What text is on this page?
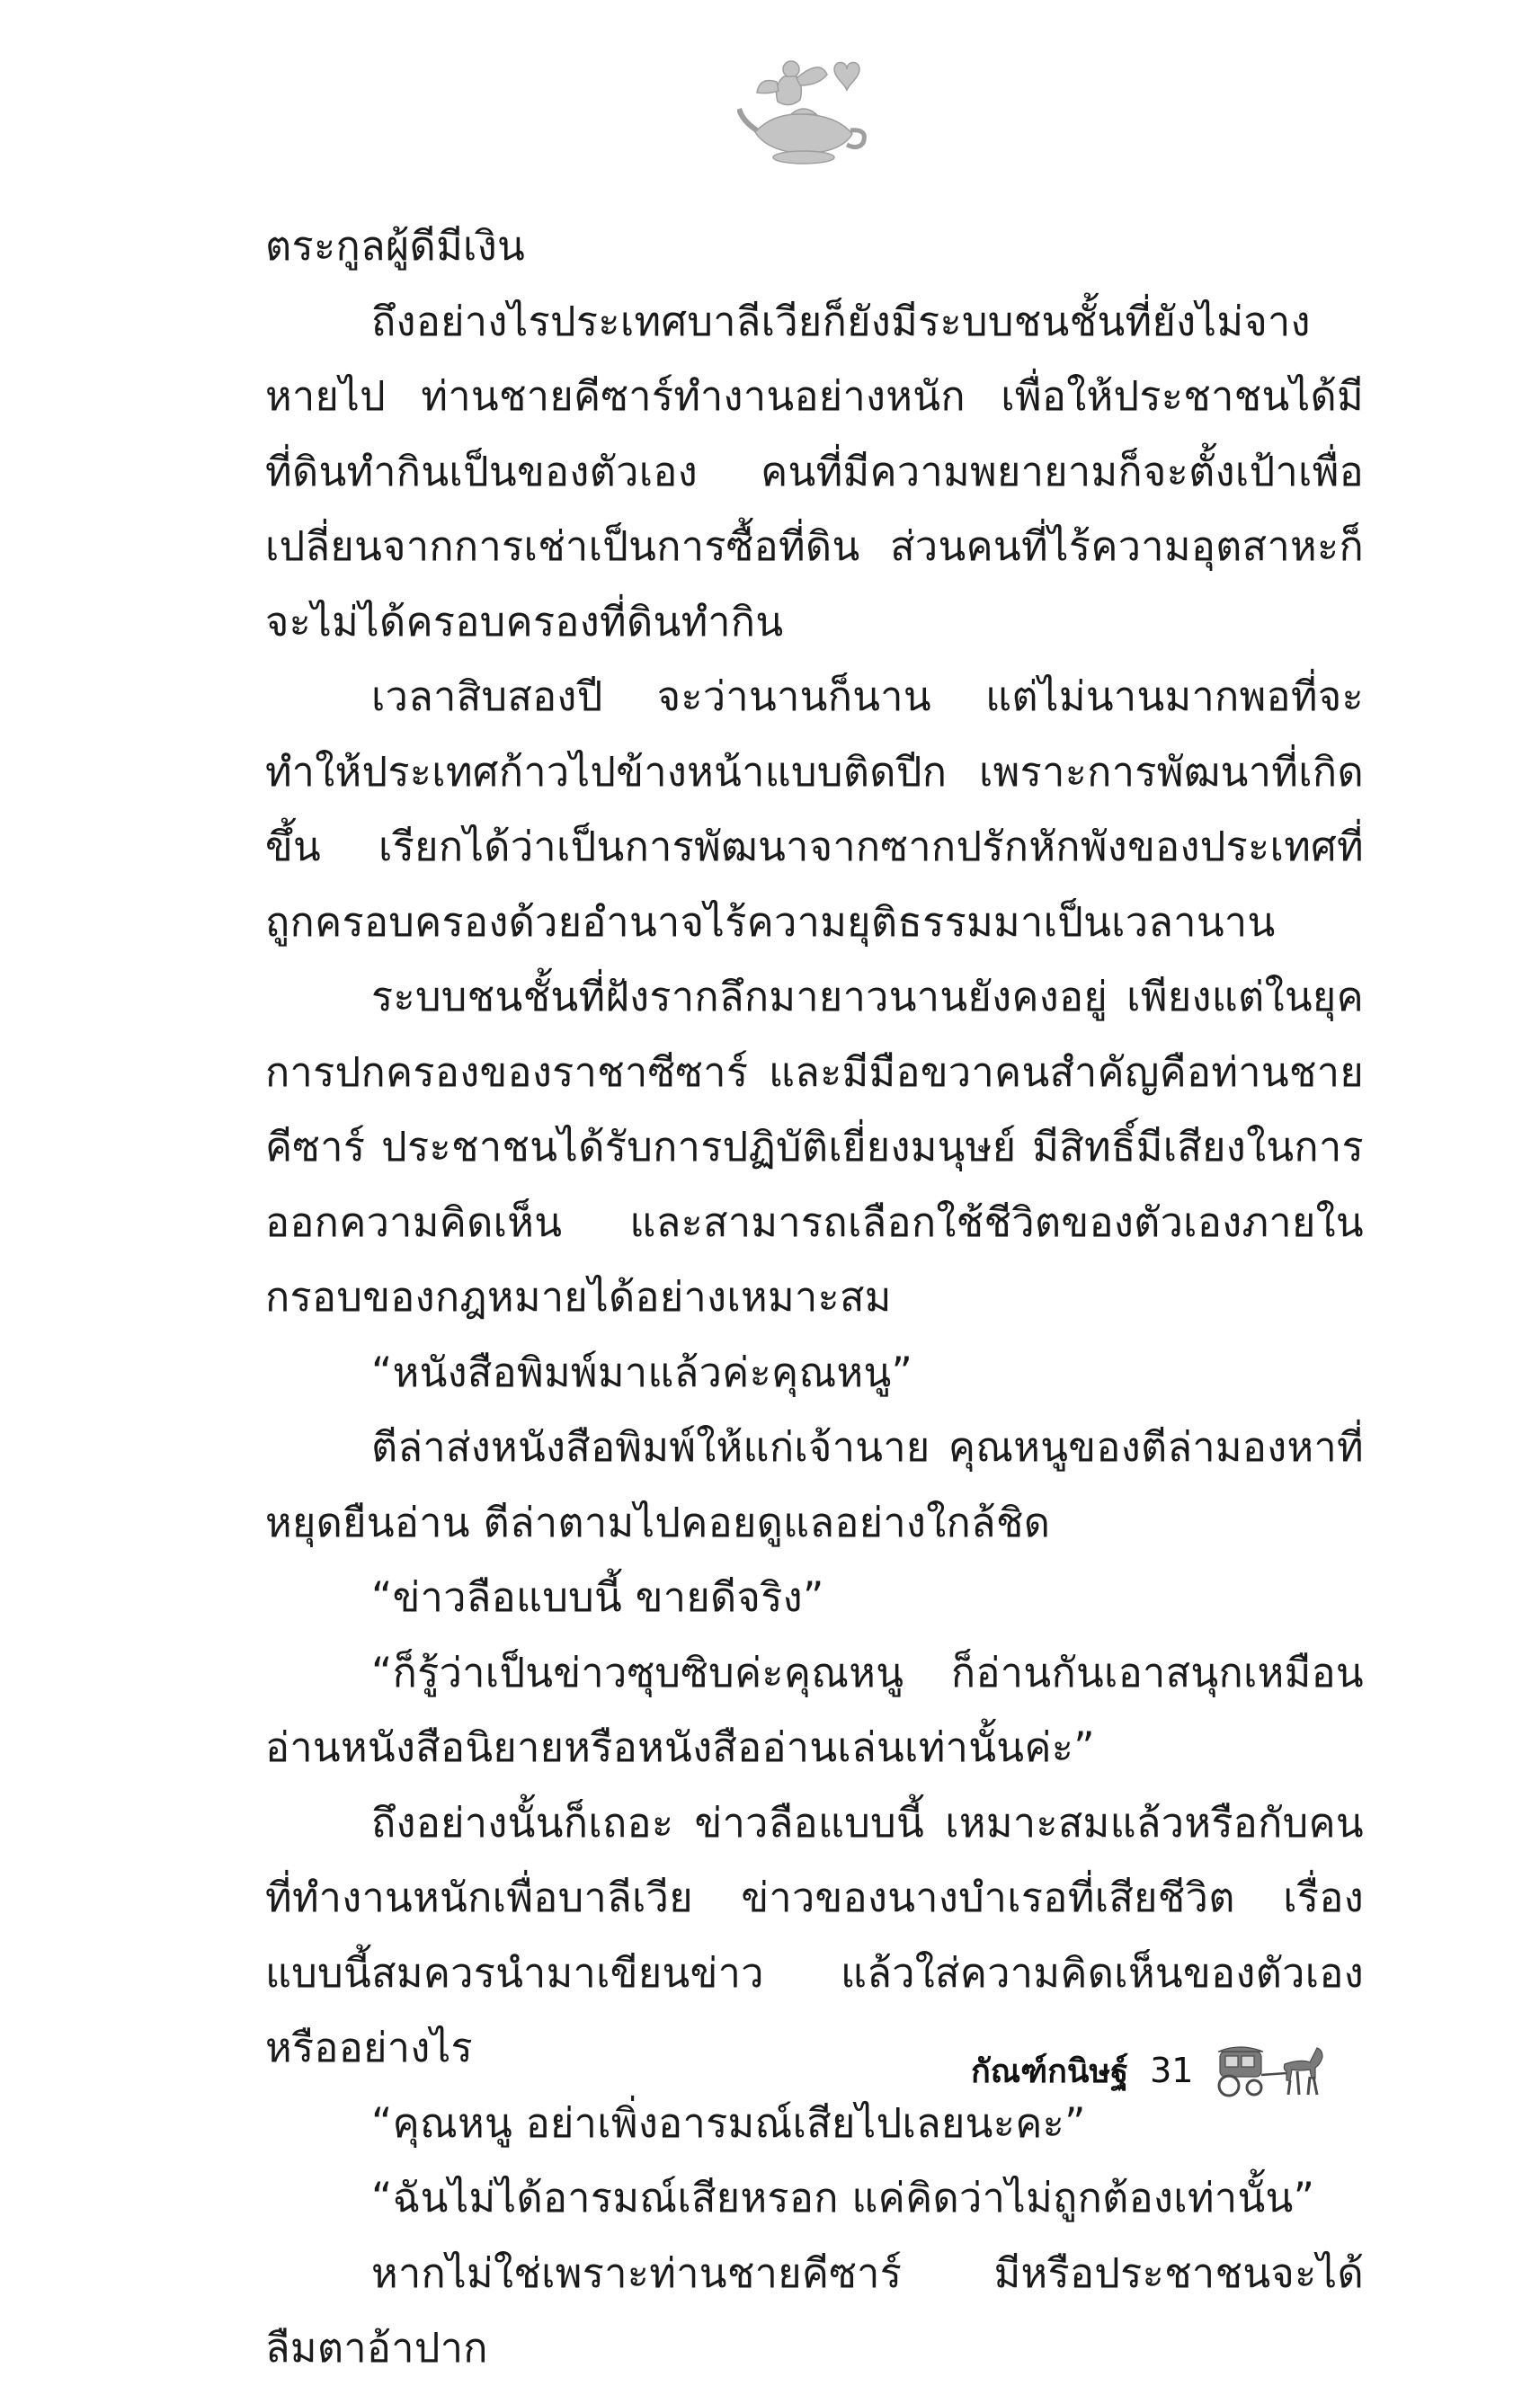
ตระกูลผู้ดีมีเงิน

ถึงอย่างไรประเทศบาลีเวียก็ยังมีระบบชนชั้นที่ยังไม่จางหายไป ท่านชายคีซาร์ทำงานอย่างหนัก เพื่อให้ประชาชนได้มีที่ดินทำกินเป็นของตัวเอง คนที่มีความพยายามก็จะตั้งเป้าเพื่อเปลี่ยนจากการเช่าเป็นการซื้อที่ดิน ส่วนคนที่ไร้ความอุตสาหะก็จะไม่ได้ครอบครองที่ดินทำกิน

เวลาสิบสองปี จะว่านานก็นาน แต่ไม่นานมากพอที่จะทำให้ประเทศก้าวไปข้างหน้าแบบติดปีก เพราะการพัฒนาที่เกิดขึ้น เรียกได้ว่าเป็นการพัฒนาจากซากปรักหักพังของประเทศที่ถูกครอบครองด้วยอำนาจไร้ความยุติธรรมมาเป็นเวลานาน

ระบบชนชั้นที่ฝังรากลึกมายาวนานยังคงอยู่ เพียงแต่ในยุคการปกครองของราชาซีซาร์ และมีมือขวาคนสำคัญคือท่านชายคีซาร์ ประชาชนได้รับการปฏิบัติเยี่ยงมนุษย์ มีสิทธิ์มีเสียงในการออกความคิดเห็น และสามารถเลือกใช้ชีวิตของตัวเองภายในกรอบของกฎหมายได้อย่างเหมาะสม

“หนังสือพิมพ์มาแล้วค่ะคุณหนู”

ตีล่าส่งหนังสือพิมพ์ให้แก่เจ้านาย คุณหนูของตีล่ามองหาที่หยุดยืนอ่าน ตีล่าตามไปคอยดูแลอย่างใกล้ชิด

“ข่าวลือแบบนี้ ขายดีจริง”

“ก็รู้ว่าเป็นข่าวซุบซิบค่ะคุณหนู ก็อ่านกันเอาสนุกเหมือนอ่านหนังสือนิยายหรือหนังสืออ่านเล่นเท่านั้นค่ะ”

ถึงอย่างนั้นก็เถอะ ข่าวลือแบบนี้ เหมาะสมแล้วหรือกับคนที่ทำงานหนักเพื่อบาลีเวีย ข่าวของนางบำเรอที่เสียชีวิต เรื่องแบบนี้สมควรนำมาเขียนข่าว แล้วใส่ความคิดเห็นของตัวเองหรืออย่างไร

“คุณหนู อย่าเพิ่งอารมณ์เสียไปเลยนะคะ”

“ฉันไม่ได้อารมณ์เสียหรอก แค่คิดว่าไม่ถูกต้องเท่านั้น”

หากไม่ใช่เพราะท่านชายคีซาร์ มีหรือประชาชนจะได้ลืมตาอ้าปาก

กัณฑ์กนิษฐ์ 31
